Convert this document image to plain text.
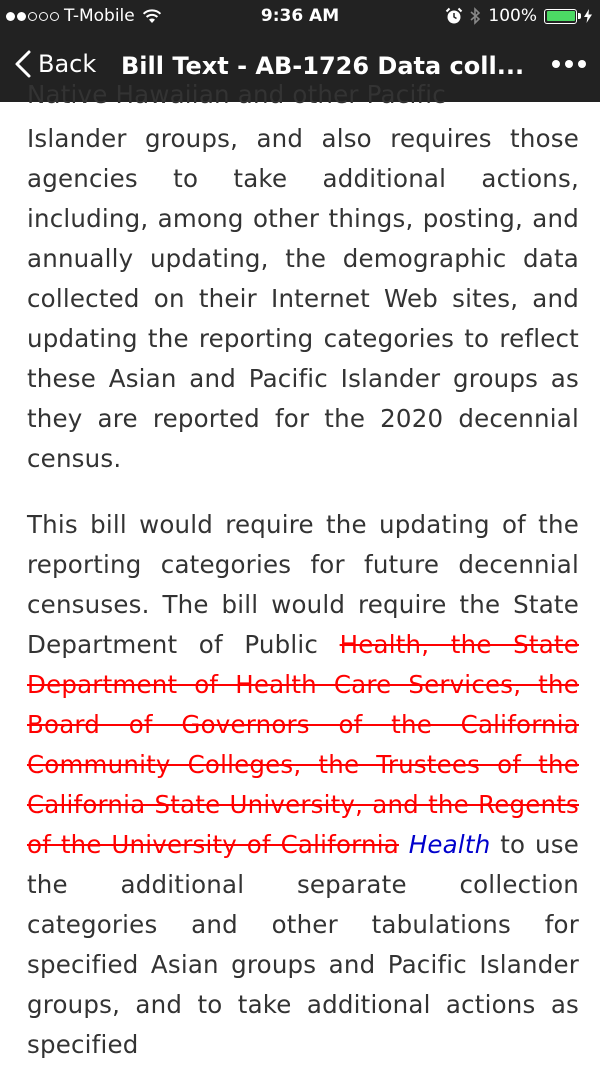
T-Mobile	9:36 AM	100%
Back Bill Text - AB-1726 Data coll...
Native Hawaiian and other Pacific
Islander groups, and also requires those agencies to take additional actions, including, among other things, posting, and annually updating, the demographic data collected on their Internet Web sites, and updating the reporting categories to reflect these Asian and Pacific Islander groups as they are reported for the 2020 decennial census.
This bill would require the updating of the reporting categories for future decennial censuses. The bill would require the State Department of Public Health, the State Department of Health Care Services, the Board of Governors of the California Community Colleges, the Trustees of the California State University, and the Regents of the University of California Health to use the additional separate collection categories and other tabulations for specified Asian groups and Pacific Islander groups, and to take additional actions as specified
